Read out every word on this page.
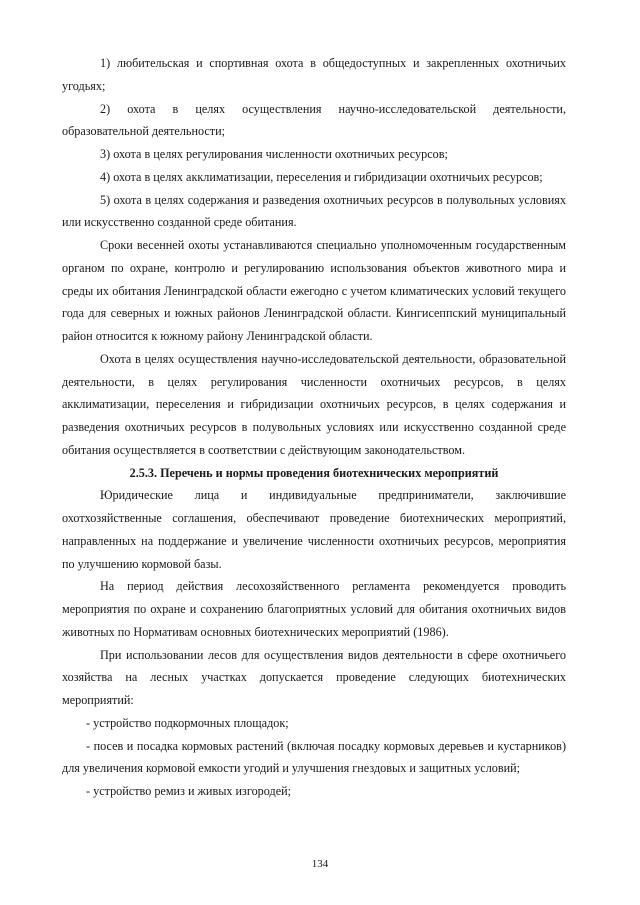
1) любительская и спортивная охота в общедоступных и закрепленных охотничьих угодьях;

2) охота в целях осуществления научно-исследовательской деятельности, образовательной деятельности;

3) охота в целях регулирования численности охотничьих ресурсов;

4) охота в целях акклиматизации, переселения и гибридизации охотничьих ресурсов;

5) охота в целях содержания и разведения охотничьих ресурсов в полувольных условиях или искусственно созданной среде обитания.

Сроки весенней охоты устанавливаются специально уполномоченным государственным органом по охране, контролю и регулированию использования объектов животного мира и среды их обитания Ленинградской области ежегодно с учетом климатических условий текущего года для северных и южных районов Ленинградской области. Кингисеппский муниципальный район относится к южному району Ленинградской области.

Охота в целях осуществления научно-исследовательской деятельности, образовательной деятельности, в целях регулирования численности охотничьих ресурсов, в целях акклиматизации, переселения и гибридизации охотничьих ресурсов, в целях содержания и разведения охотничьих ресурсов в полувольных условиях или искусственно созданной среде обитания осуществляется в соответствии с действующим законодательством.

2.5.3. Перечень и нормы проведения биотехнических мероприятий

Юридические лица и индивидуальные предприниматели, заключившие охотхозяйственные соглашения, обеспечивают проведение биотехнических мероприятий, направленных на поддержание и увеличение численности охотничьих ресурсов, мероприятия по улучшению кормовой базы.

На период действия лесохозяйственного регламента рекомендуется проводить мероприятия по охране и сохранению благоприятных условий для обитания охотничьих видов животных по Нормативам основных биотехнических мероприятий (1986).

При использовании лесов для осуществления видов деятельности в сфере охотничьего хозяйства на лесных участках допускается проведение следующих биотехнических мероприятий:

- устройство подкормочных площадок;

- посев и посадка кормовых растений (включая посадку кормовых деревьев и кустарников) для увеличения кормовой емкости угодий и улучшения гнездовых и защитных условий;

- устройство ремиз и живых изгородей;

134
